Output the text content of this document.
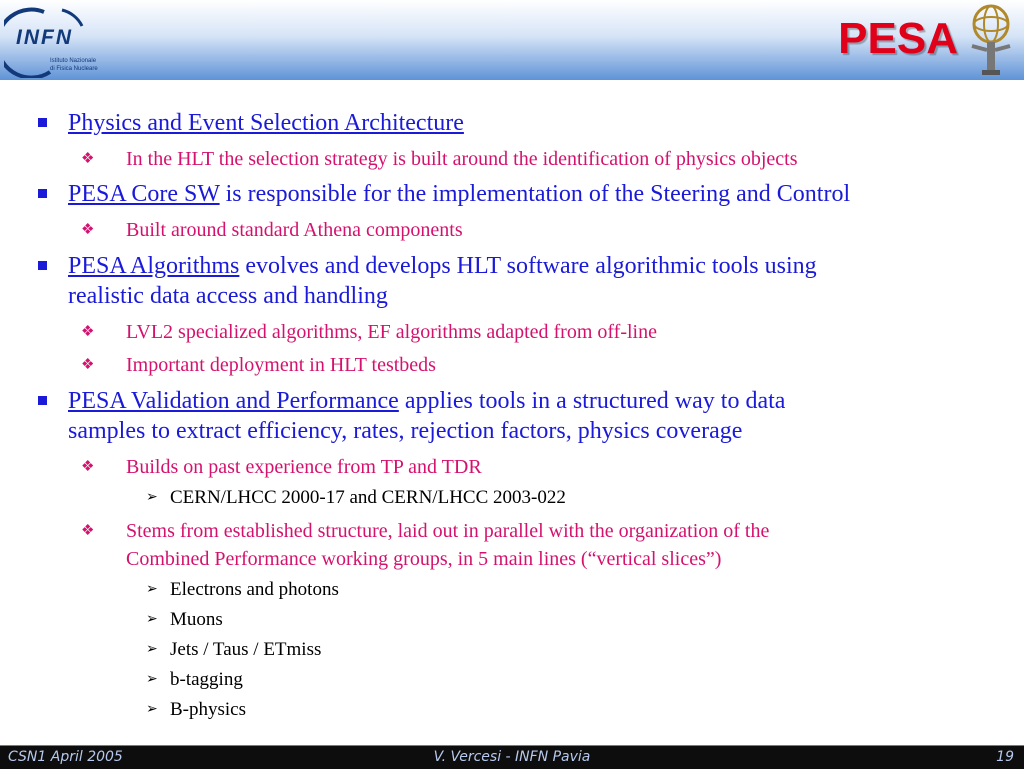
INFN
Istituto Nazionale
di Fisica Nucleare
PESA
Physics and Event Selection Architecture
❖ In the HLT the selection strategy is built around the identification of physics objects
PESA Core SW is responsible for the implementation of the Steering and Control
❖ Built around standard Athena components
PESA Algorithms evolves and develops HLT software algorithmic tools using
realistic data access and handling
❖ LVL2 specialized algorithms, EF algorithms adapted from off-line
❖ Important deployment in HLT testbeds
PESA Validation and Performance applies tools in a structured way to data
samples to extract efficiency, rates, rejection factors, physics coverage
❖ Builds on past experience from TP and TDR
➢ CERN/LHCC 2000-17 and CERN/LHCC 2003-022
❖ Stems from established structure, laid out in parallel with the organization of the
Combined Performance working groups, in 5 main lines (“vertical slices”)
➢ Electrons and photons
➢ Muons
➢ Jets / Taus / ETmiss
➢ b-tagging
➢ B-physics
CSN1 April 2005	V. Vercesi - INFN Pavia	19
